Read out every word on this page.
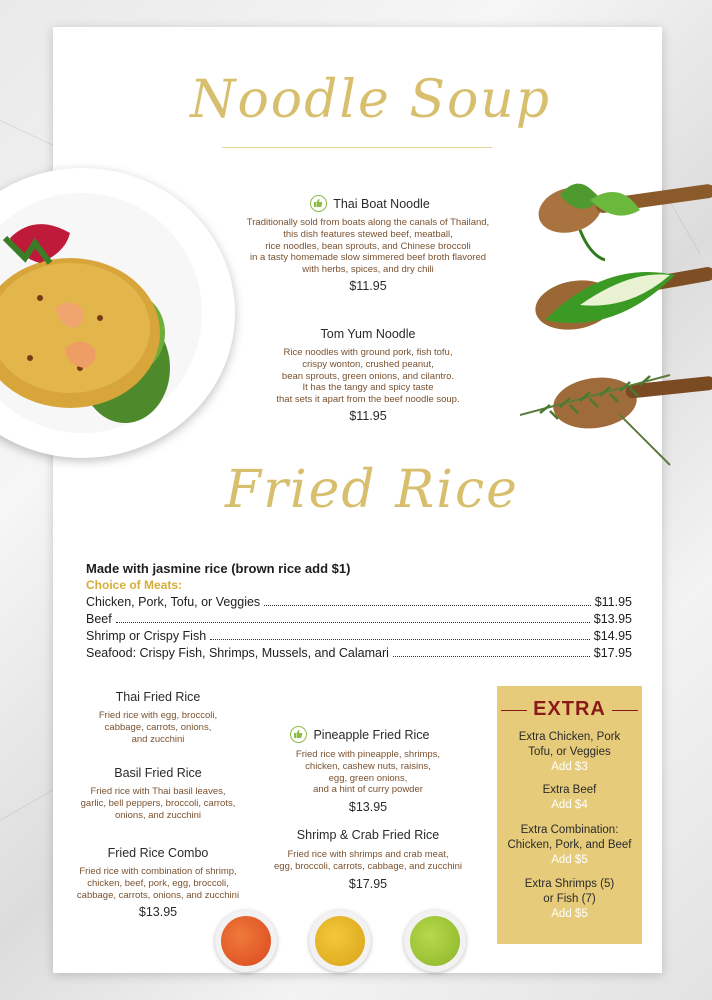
Noodle Soup
Thai Boat Noodle
Traditionally sold from boats along the canals of Thailand,
this dish features stewed beef, meatball,
rice noodles, bean sprouts, and Chinese broccoli
in a tasty homemade slow simmered beef broth flavored
with herbs, spices, and dry chili
$11.95
Tom Yum Noodle
Rice noodles with ground pork, fish tofu,
crispy wonton, crushed peanut,
bean sprouts, green onions, and cilantro.
It has the tangy and spicy taste
that sets it apart from the beef noodle soup.
$11.95
Fried Rice
Made with jasmine rice (brown rice add $1)
Choice of Meats:
Chicken, Pork, Tofu, or Veggies	$11.95
Beef	$13.95
Shrimp or Crispy Fish	$14.95
Seafood: Crispy Fish, Shrimps, Mussels, and Calamari	$17.95
Thai Fried Rice
Fried rice with egg, broccoli,
cabbage, carrots, onions,
and zucchini
Basil Fried Rice
Fried rice with Thai basil leaves,
garlic, bell peppers, broccoli, carrots,
onions, and zucchini
Fried Rice Combo
Fried rice with combination of shrimp,
chicken, beef, pork, egg, broccoli,
cabbage, carrots, onions, and zucchini
$13.95
Pineapple Fried Rice
Fried rice with pineapple, shrimps,
chicken, cashew nuts, raisins,
egg, green onions,
and a hint of curry powder
$13.95
Shrimp & Crab Fried Rice
Fried rice with shrimps and crab meat,
egg, broccoli, carrots, cabbage, and zucchini
$17.95
EXTRA
Extra Chicken, Pork
Tofu, or Veggies
Add $3
Extra Beef
Add $4
Extra Combination:
Chicken, Pork, and Beef
Add $5
Extra Shrimps (5)
or Fish (7)
Add $5
